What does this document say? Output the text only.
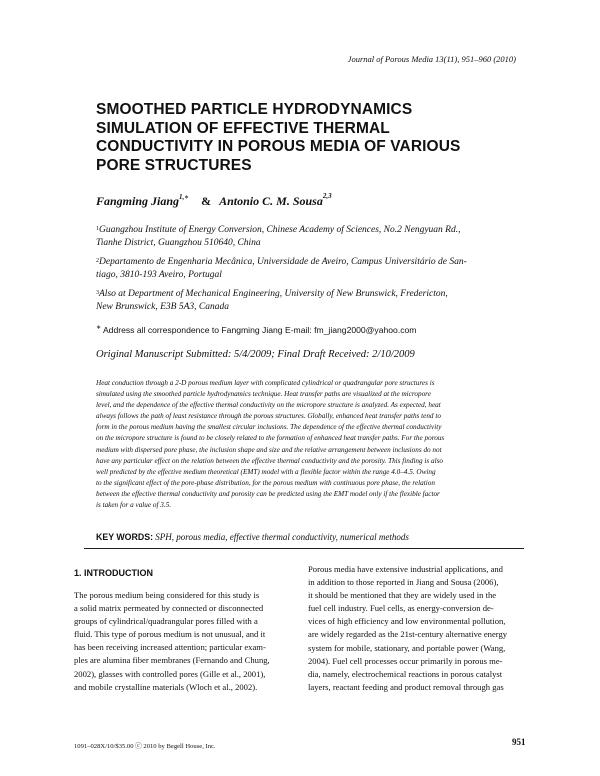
Journal of Porous Media 13(11), 951–960 (2010)
SMOOTHED PARTICLE HYDRODYNAMICS
SIMULATION OF EFFECTIVE THERMAL
CONDUCTIVITY IN POROUS MEDIA OF VARIOUS
PORE STRUCTURES
Fangming Jiang$^{1,∗}$ & Antonio C. M. Sousa$^{2,3}$
$^1$Guangzhou Institute of Energy Conversion, Chinese Academy of Sciences, No.2 Nengyuan Rd.,
Tianhe District, Guangzhou 510640, China
$^2$Departamento de Engenharia Mecânica, Universidade de Aveiro, Campus Universitário de San-
tiago, 3810-193 Aveiro, Portugal
$^3$Also at Department of Mechanical Engineering, University of New Brunswick, Fredericton,
New Brunswick, E3B 5A3, Canada
∗ Address all correspondence to Fangming Jiang E-mail: fm_jiang2000@yahoo.com
Original Manuscript Submitted: 5/4/2009; Final Draft Received: 2/10/2009
Heat conduction through a 2-D porous medium layer with complicated cylindrical or quadrangular pore structures is
simulated using the smoothed particle hydrodynamics technique. Heat transfer paths are visualized at the micropore
level, and the dependence of the effective thermal conductivity on the micropore structure is analyzed. As expected, heat
always follows the path of least resistance through the porous structures. Globally, enhanced heat transfer paths tend to
form in the porous medium having the smallest circular inclusions. The dependence of the effective thermal conductivity
on the micropore structure is found to be closely related to the formation of enhanced heat transfer paths. For the porous
medium with dispersed pore phase, the inclusion shape and size and the relative arrangement between inclusions do not
have any particular effect on the relation between the effective thermal conductivity and the porosity. This finding is also
well predicted by the effective medium theoretical (EMT) model with a flexible factor within the range 4.0–4.5. Owing
to the significant effect of the pore-phase distribution, for the porous medium with continuous pore phase, the relation
between the effective thermal conductivity and porosity can be predicted using the EMT model only if the flexible factor
is taken for a value of 3.5.
KEY WORDS: SPH, porous media, effective thermal conductivity, numerical methods
1. INTRODUCTION
The porous medium being considered for this study is
a solid matrix permeated by connected or disconnected
groups of cylindrical/quadrangular pores filled with a
fluid. This type of porous medium is not unusual, and it
has been receiving increased attention; particular exam-
ples are alumina fiber membranes (Fernando and Chung,
2002), glasses with controlled pores (Gille et al., 2001),
and mobile crystalline materials (Wloch et al., 2002).
Porous media have extensive industrial applications, and
in addition to those reported in Jiang and Sousa (2006),
it should be mentioned that they are widely used in the
fuel cell industry. Fuel cells, as energy-conversion de-
vices of high efficiency and low environmental pollution,
are widely regarded as the 21st-century alternative energy
system for mobile, stationary, and portable power (Wang,
2004). Fuel cell processes occur primarily in porous me-
dia, namely, electrochemical reactions in porous catalyst
layers, reactant feeding and product removal through gas
1091–028X/10/$35.00 ⓒ 2010 by Begell House, Inc.	951
